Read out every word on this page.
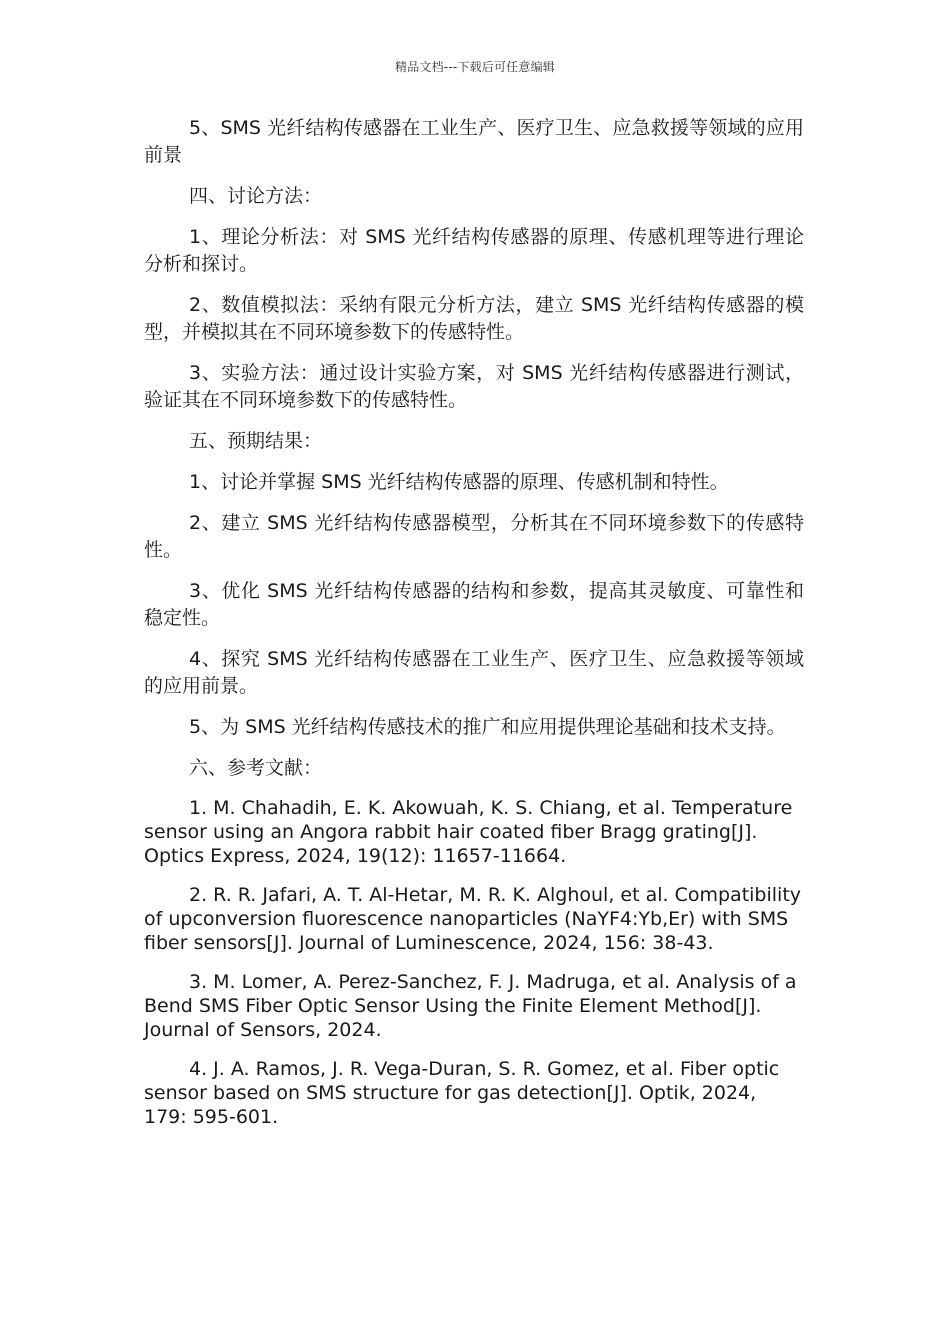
精品文档---下载后可任意编辑

5、SMS 光纤结构传感器在工业生产、医疗卫生、应急救援等领域的应用前景

四、讨论方法：

1、理论分析法：对 SMS 光纤结构传感器的原理、传感机理等进行理论分析和探讨。

2、数值模拟法：采纳有限元分析方法，建立 SMS 光纤结构传感器的模型，并模拟其在不同环境参数下的传感特性。

3、实验方法：通过设计实验方案，对 SMS 光纤结构传感器进行测试，验证其在不同环境参数下的传感特性。

五、预期结果：

1、讨论并掌握 SMS 光纤结构传感器的原理、传感机制和特性。

2、建立 SMS 光纤结构传感器模型，分析其在不同环境参数下的传感特性。

3、优化 SMS 光纤结构传感器的结构和参数，提高其灵敏度、可靠性和稳定性。

4、探究 SMS 光纤结构传感器在工业生产、医疗卫生、应急救援等领域的应用前景。

5、为 SMS 光纤结构传感技术的推广和应用提供理论基础和技术支持。

六、参考文献：

1. M. Chahadih, E. K. Akowuah, K. S. Chiang, et al. Temperature sensor using an Angora rabbit hair coated fiber Bragg grating[J]. Optics Express, 2024, 19(12): 11657-11664.

2. R. R. Jafari, A. T. Al-Hetar, M. R. K. Alghoul, et al. Compatibility of upconversion fluorescence nanoparticles (NaYF4:Yb,Er) with SMS fiber sensors[J]. Journal of Luminescence, 2024, 156: 38-43.

3. M. Lomer, A. Perez-Sanchez, F. J. Madruga, et al. Analysis of a Bend SMS Fiber Optic Sensor Using the Finite Element Method[J]. Journal of Sensors, 2024.

4. J. A. Ramos, J. R. Vega-Duran, S. R. Gomez, et al. Fiber optic sensor based on SMS structure for gas detection[J]. Optik, 2024, 179: 595-601.
